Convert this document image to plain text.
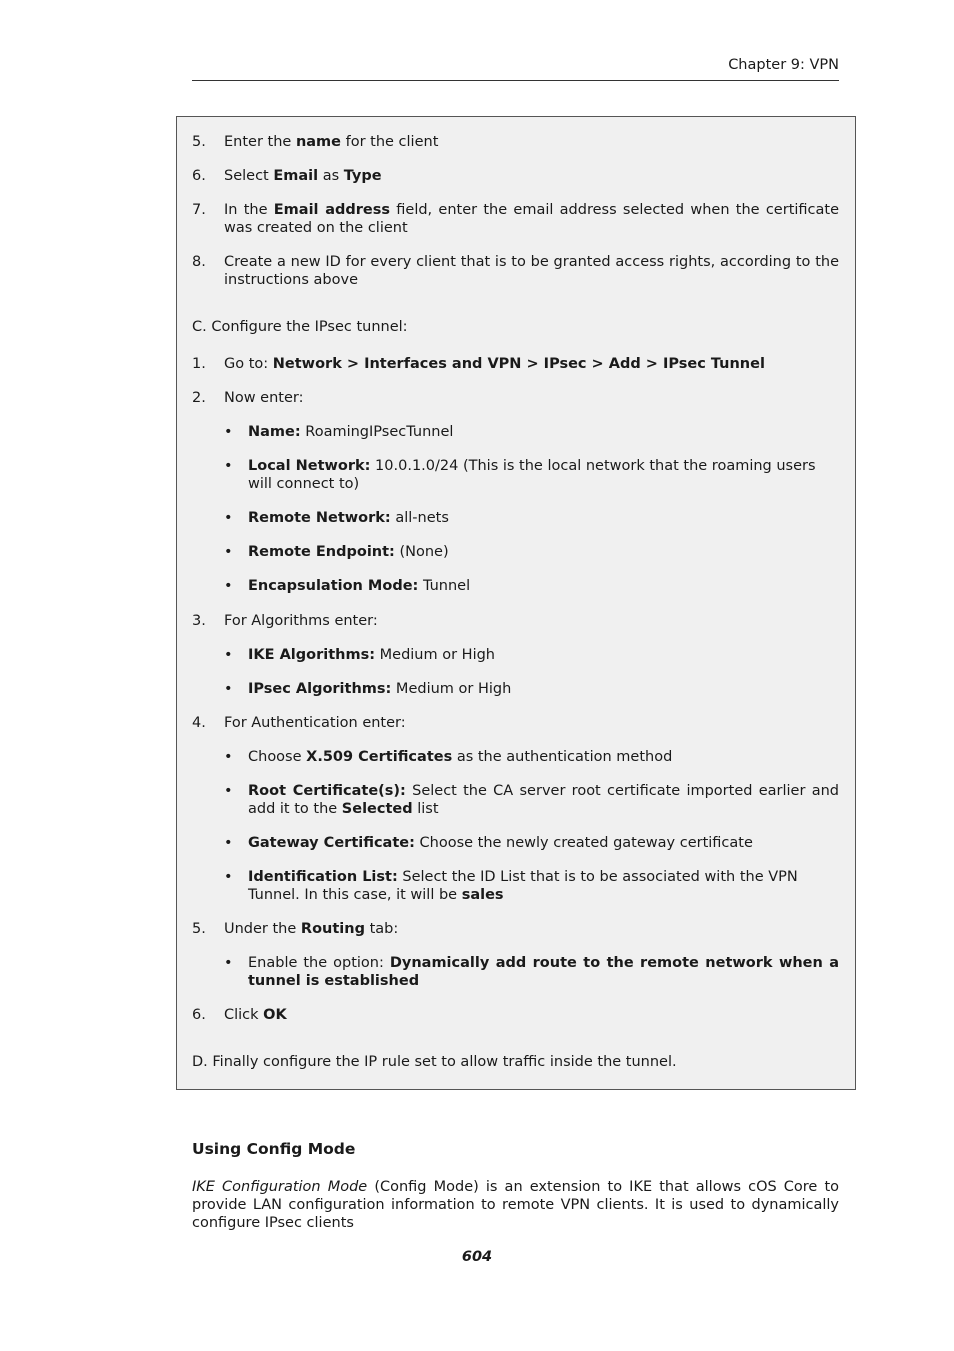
Chapter 9: VPN
5. Enter the name for the client
6. Select Email as Type
7. In the Email address field, enter the email address selected when the certificate was created on the client
8. Create a new ID for every client that is to be granted access rights, according to the instructions above
C. Configure the IPsec tunnel:
1. Go to: Network > Interfaces and VPN > IPsec > Add > IPsec Tunnel
2. Now enter:
• Name: RoamingIPsecTunnel
• Local Network: 10.0.1.0/24 (This is the local network that the roaming users will connect to)
• Remote Network: all-nets
• Remote Endpoint: (None)
• Encapsulation Mode: Tunnel
3. For Algorithms enter:
• IKE Algorithms: Medium or High
• IPsec Algorithms: Medium or High
4. For Authentication enter:
• Choose X.509 Certificates as the authentication method
• Root Certificate(s): Select the CA server root certificate imported earlier and add it to the Selected list
• Gateway Certificate: Choose the newly created gateway certificate
• Identification List: Select the ID List that is to be associated with the VPN Tunnel. In this case, it will be sales
5. Under the Routing tab:
• Enable the option: Dynamically add route to the remote network when a tunnel is established
6. Click OK
D. Finally configure the IP rule set to allow traffic inside the tunnel.
Using Config Mode
IKE Configuration Mode (Config Mode) is an extension to IKE that allows cOS Core to provide LAN configuration information to remote VPN clients. It is used to dynamically configure IPsec clients
604
